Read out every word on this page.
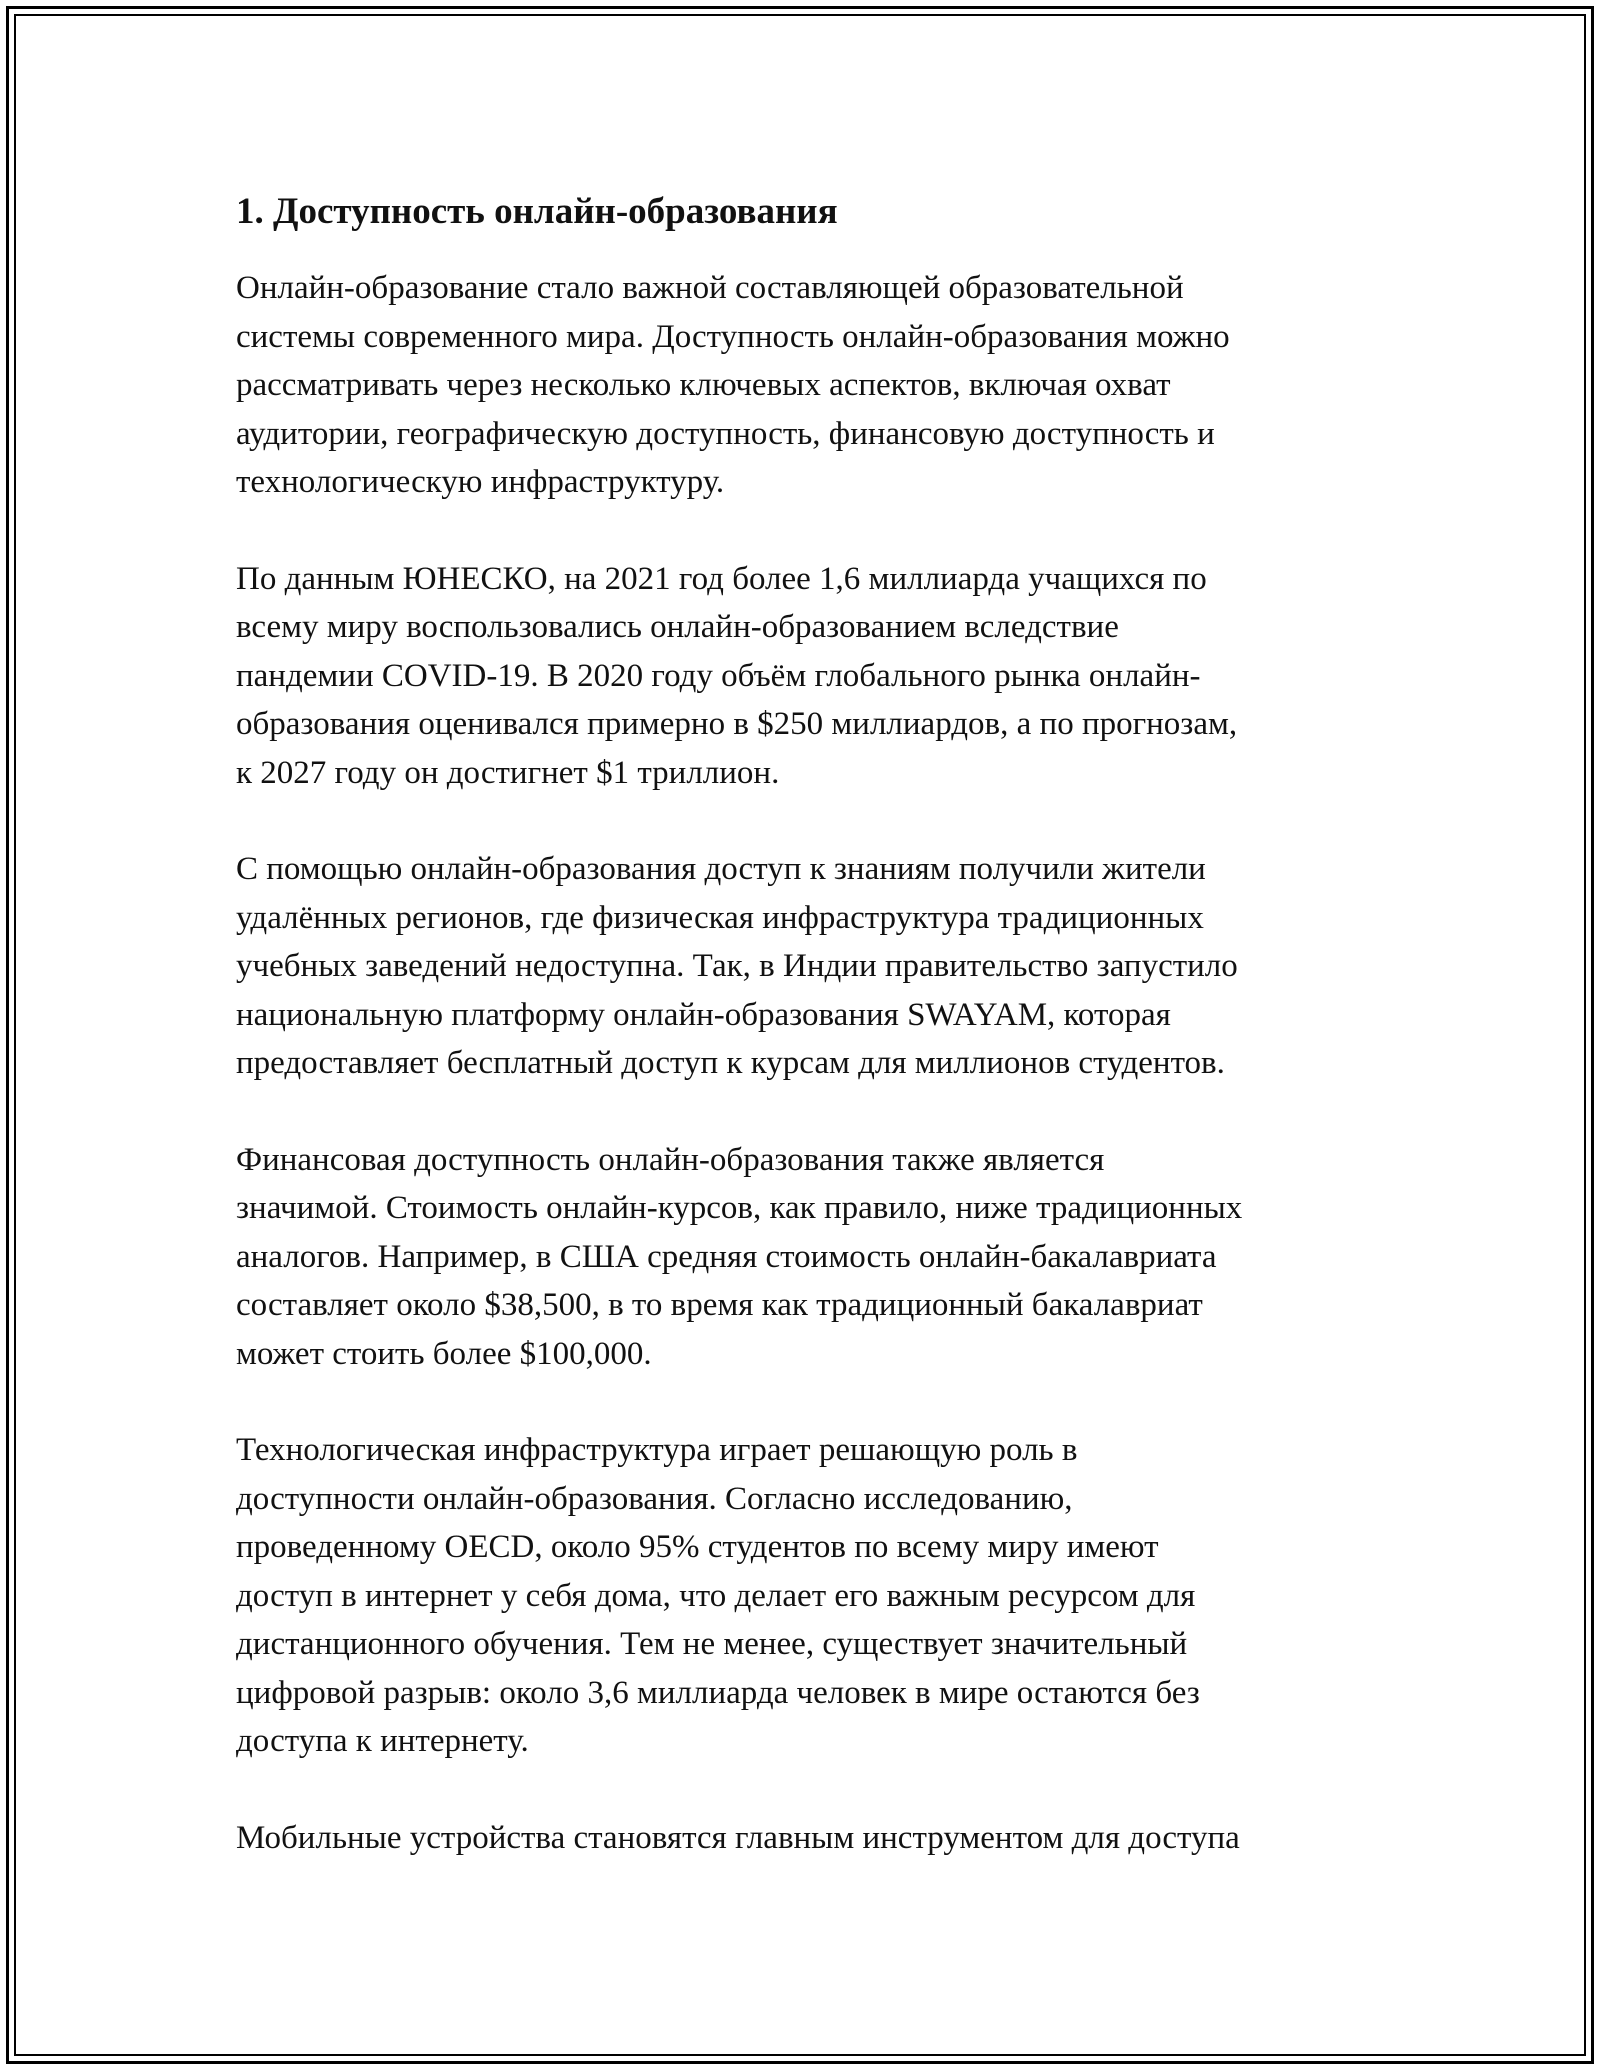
1. Доступность онлайн-образования

Онлайн-образование стало важной составляющей образовательной
системы современного мира. Доступность онлайн-образования можно
рассматривать через несколько ключевых аспектов, включая охват
аудитории, географическую доступность, финансовую доступность и
технологическую инфраструктуру.

По данным ЮНЕСКО, на 2021 год более 1,6 миллиарда учащихся по
всему миру воспользовались онлайн-образованием вследствие
пандемии COVID-19. В 2020 году объём глобального рынка онлайн-
образования оценивался примерно в $250 миллиардов, а по прогнозам,
к 2027 году он достигнет $1 триллион.

С помощью онлайн-образования доступ к знаниям получили жители
удалённых регионов, где физическая инфраструктура традиционных
учебных заведений недоступна. Так, в Индии правительство запустило
национальную платформу онлайн-образования SWAYAM, которая
предоставляет бесплатный доступ к курсам для миллионов студентов.

Финансовая доступность онлайн-образования также является
значимой. Стоимость онлайн-курсов, как правило, ниже традиционных
аналогов. Например, в США средняя стоимость онлайн-бакалавриата
составляет около $38,500, в то время как традиционный бакалавриат
может стоить более $100,000.

Технологическая инфраструктура играет решающую роль в
доступности онлайн-образования. Согласно исследованию,
проведенному OECD, около 95% студентов по всему миру имеют
доступ в интернет у себя дома, что делает его важным ресурсом для
дистанционного обучения. Тем не менее, существует значительный
цифровой разрыв: около 3,6 миллиарда человек в мире остаются без
доступа к интернету.

Мобильные устройства становятся главным инструментом для доступа
